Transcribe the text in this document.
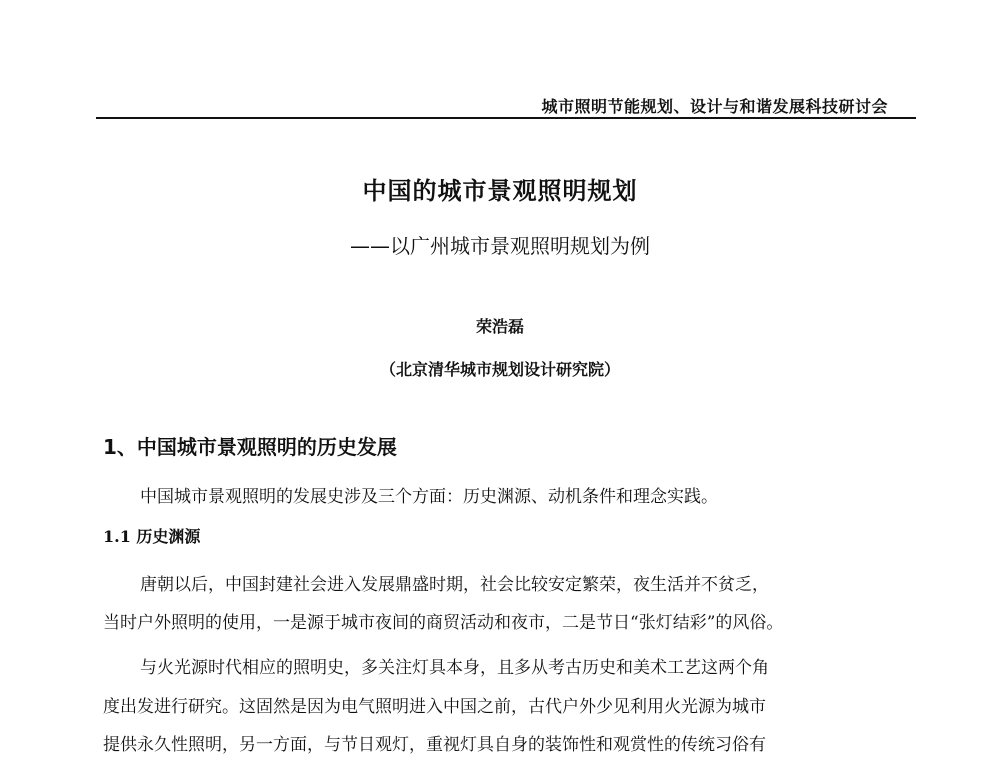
城市照明节能规划、设计与和谐发展科技研讨会
中国的城市景观照明规划
——以广州城市景观照明规划为例
荣浩磊
（北京清华城市规划设计研究院）
1、中国城市景观照明的历史发展
中国城市景观照明的发展史涉及三个方面：历史渊源、动机条件和理念实践。
1.1 历史渊源
唐朝以后，中国封建社会进入发展鼎盛时期，社会比较安定繁荣，夜生活并不贫乏，
当时户外照明的使用，一是源于城市夜间的商贸活动和夜市，二是节日“张灯结彩”的风俗。
与火光源时代相应的照明史，多关注灯具本身，且多从考古历史和美术工艺这两个角
度出发进行研究。这固然是因为电气照明进入中国之前，古代户外少见利用火光源为城市
提供永久性照明，另一方面，与节日观灯，重视灯具自身的装饰性和观赏性的传统习俗有
